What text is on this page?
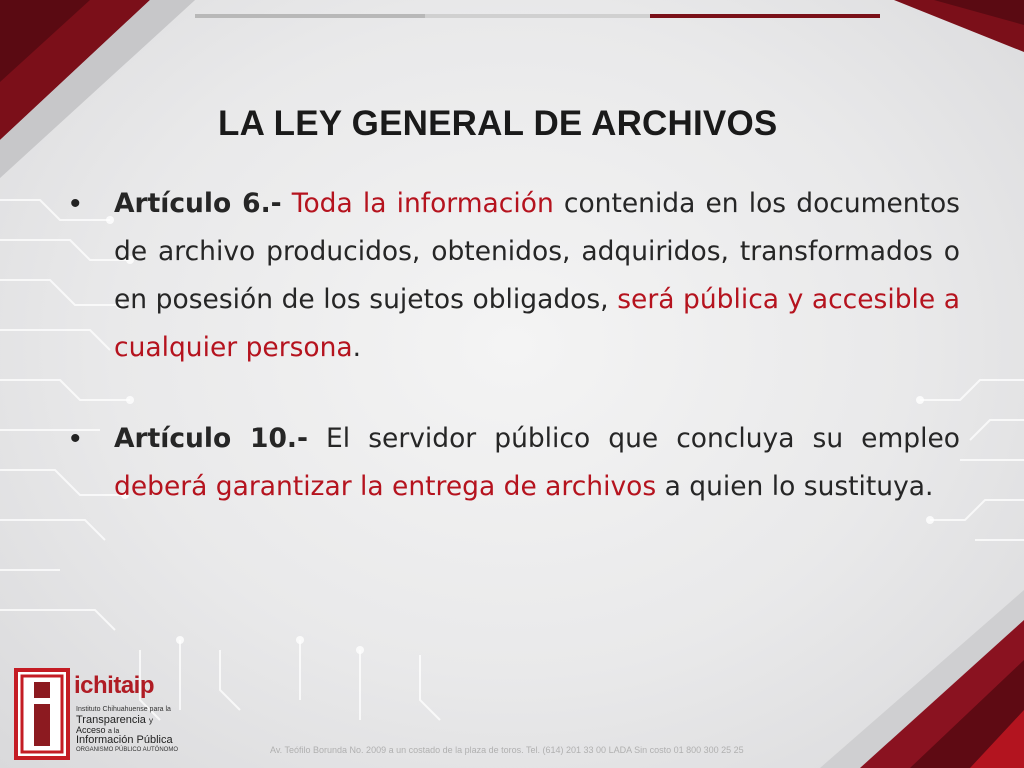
LA LEY GENERAL DE ARCHIVOS
• Artículo 6.- Toda la información contenida en los documentos de archivo producidos, obtenidos, adquiridos, transformados o en posesión de los sujetos obligados, será pública y accesible a cualquier persona.

• Artículo 10.- El servidor público que concluya su empleo deberá garantizar la entrega de archivos a quien lo sustituya.

ichitaip
Instituto Chihuahuense para la
Transparencia y
Acceso a la
Información Pública
ORGANISMO PÚBLICO AUTÓNOMO	Av. Teófilo Borunda No. 2009 a un costado de la plaza de toros. Tel. (614) 201 33 00 LADA Sin costo 01 800 300 25 25
